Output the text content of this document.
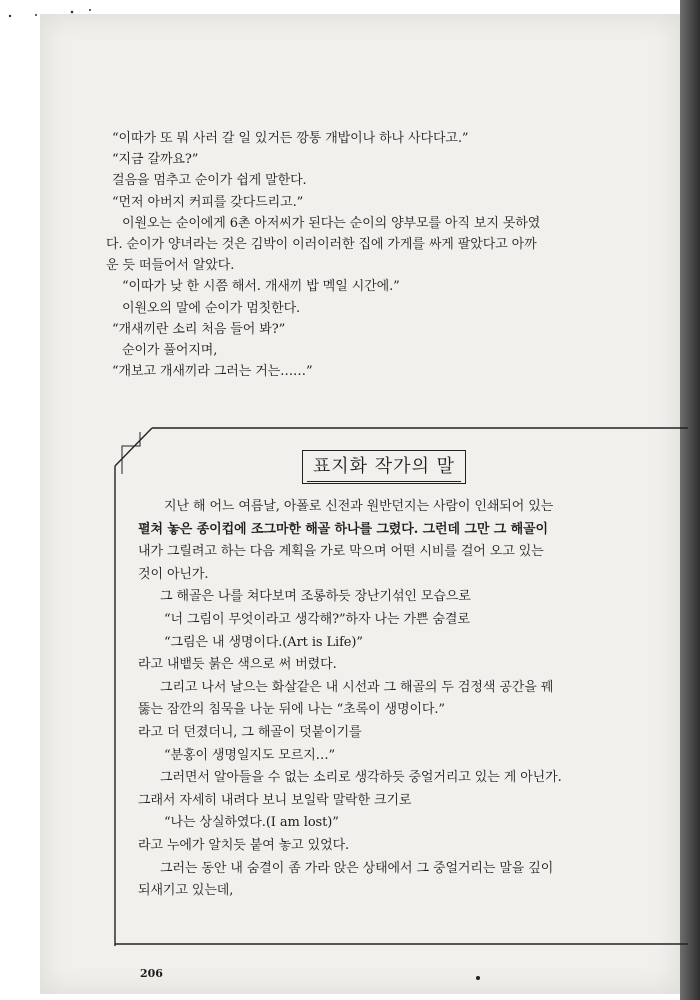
“이따가 또 뭐 사러 갈 일 있거든 깡통 개밥이나 하나 사다다고.”
“지금 갈까요?”
걸음을 멈추고 순이가 쉽게 말한다.
“먼저 아버지 커피를 갖다드리고.”
이원오는 순이에게 6촌 아저씨가 된다는 순이의 양부모를 아직 보지 못하였
다. 순이가 양녀라는 것은 김박이 이러이러한 집에 가게를 싸게 팔았다고 아까
운 듯 떠들어서 알았다.
“이따가 낮 한 시쯤 해서. 개새끼 밥 멕일 시간에.”
이원오의 말에 순이가 멈칫한다.
“개새끼란 소리 처음 들어 봐?”
순이가 풀어지며,
“개보고 개새끼라 그러는 거는……”
표지화 작가의 말
지난 해 어느 여름날, 아폴로 신전과 원반던지는 사람이 인쇄되어 있는
펼쳐 놓은 종이컵에 조그마한 해골 하나를 그렸다. 그런데 그만 그 해골이
내가 그릴려고 하는 다음 계획을 가로 막으며 어떤 시비를 걸어 오고 있는
것이 아닌가.
그 해골은 나를 쳐다보며 조롱하듯 장난기섞인 모습으로
“너 그림이 무엇이라고 생각해?”하자 나는 가쁜 숨결로
“그림은 내 생명이다.(Art is Life)”
라고 내뱉듯 붉은 색으로 써 버렸다.
그리고 나서 날으는 화살같은 내 시선과 그 해골의 두 검정색 공간을 꿰
뚫는 잠깐의 침묵을 나눈 뒤에 나는 “초록이 생명이다.”
라고 더 던졌더니, 그 해골이 덧붙이기를
“분홍이 생명일지도 모르지…”
그러면서 알아들을 수 없는 소리로 생각하듯 중얼거리고 있는 게 아닌가.
그래서 자세히 내려다 보니 보일락 말락한 크기로
“나는 상실하였다.(I am lost)”
라고 누에가 알치듯 붙여 놓고 있었다.
그러는 동안 내 숨결이 좀 가라 앉은 상태에서 그 중얼거리는 말을 깊이
되새기고 있는데,
206
